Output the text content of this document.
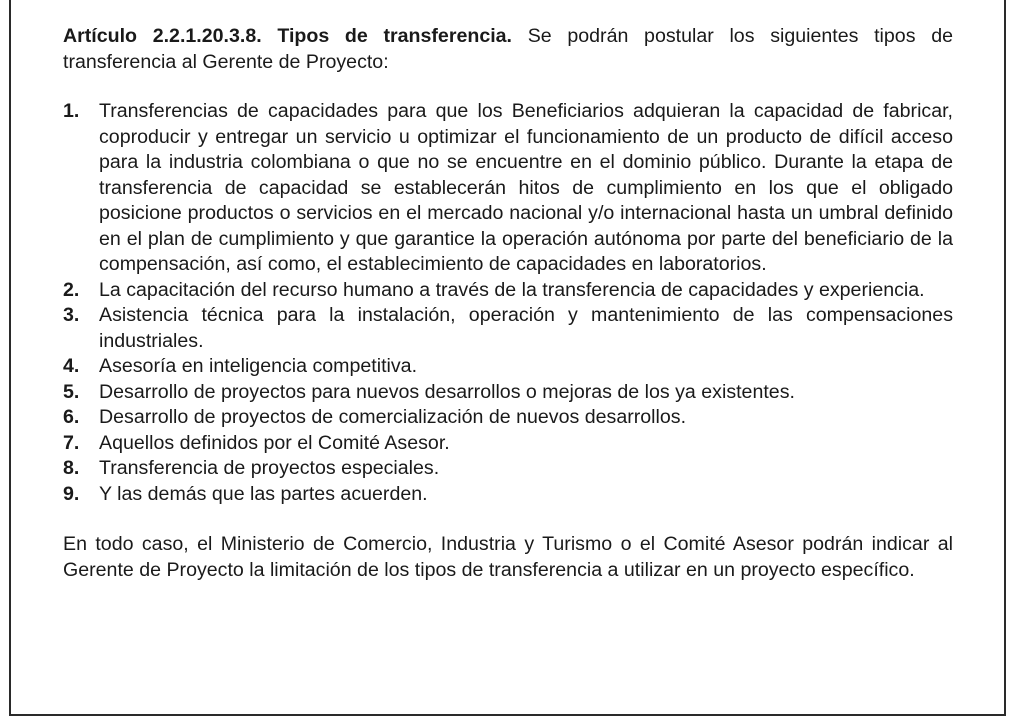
Artículo 2.2.1.20.3.8. Tipos de transferencia. Se podrán postular los siguientes tipos de transferencia al Gerente de Proyecto:

1. Transferencias de capacidades para que los Beneficiarios adquieran la capacidad de fabricar, coproducir y entregar un servicio u optimizar el funcionamiento de un producto de difícil acceso para la industria colombiana o que no se encuentre en el dominio público. Durante la etapa de transferencia de capacidad se establecerán hitos de cumplimiento en los que el obligado posicione productos o servicios en el mercado nacional y/o internacional hasta un umbral definido en el plan de cumplimiento y que garantice la operación autónoma por parte del beneficiario de la compensación, así como, el establecimiento de capacidades en laboratorios.
2. La capacitación del recurso humano a través de la transferencia de capacidades y experiencia.
3. Asistencia técnica para la instalación, operación y mantenimiento de las compensaciones industriales.
4. Asesoría en inteligencia competitiva.
5. Desarrollo de proyectos para nuevos desarrollos o mejoras de los ya existentes.
6. Desarrollo de proyectos de comercialización de nuevos desarrollos.
7. Aquellos definidos por el Comité Asesor.
8. Transferencia de proyectos especiales.
9. Y las demás que las partes acuerden.

En todo caso, el Ministerio de Comercio, Industria y Turismo o el Comité Asesor podrán indicar al Gerente de Proyecto la limitación de los tipos de transferencia a utilizar en un proyecto específico.
